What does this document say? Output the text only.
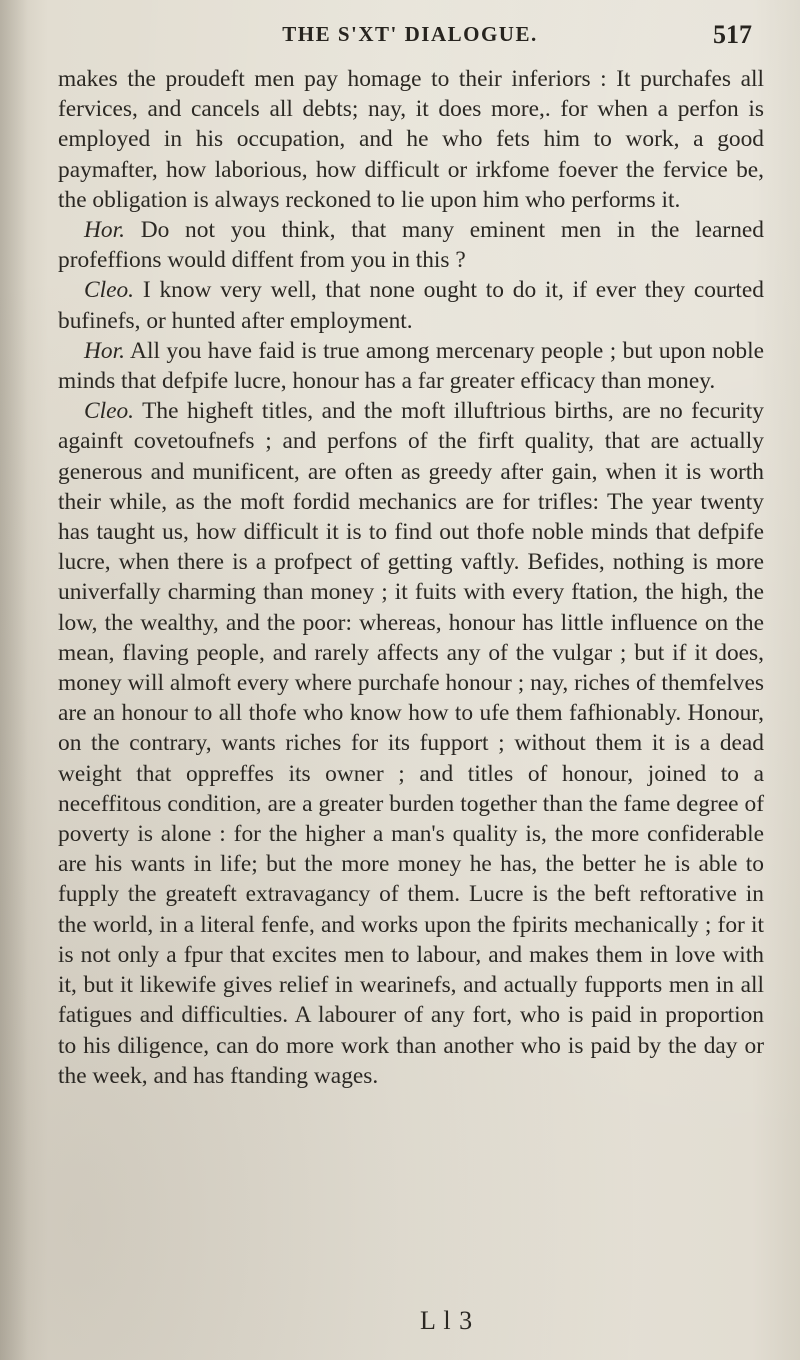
THE S'XT' DIALOGUE.	517

makes the proudeft men pay homage to their inferiors : It purchafes all fervices, and cancels all debts; nay, it does more,. for when a perfon is employed in his occupation, and he who fets him to work, a good paymafter, how laborious, how difficult or irkfome foever the fervice be, the obligation is always reckoned to lie upon him who performs it.

Hor. Do not you think, that many eminent men in the learned profeffions would diffent from you in this ?

Cleo. I know very well, that none ought to do it, if ever they courted bufinefs, or hunted after employment.

Hor. All you have faid is true among mercenary people ; but upon noble minds that defpife lucre, honour has a far greater efficacy than money.

Cleo. The higheft titles, and the moft illuftrious births, are no fecurity againft covetoufnefs ; and perfons of the firft quality, that are actually generous and munificent, are often as greedy after gain, when it is worth their while, as the moft fordid mechanics are for trifles: The year twenty has taught us, how difficult it is to find out thofe noble minds that defpife lucre, when there is a profpect of getting vaftly. Befides, nothing is more univerfally charming than money ; it fuits with every ftation, the high, the low, the wealthy, and the poor: whereas, honour has little influence on the mean, flaving people, and rarely affects any of the vulgar ; but if it does, money will almoft every where purchafe honour ; nay, riches of themfelves are an honour to all thofe who know how to ufe them fafhionably. Honour, on the contrary, wants riches for its fupport ; without them it is a dead weight that oppreffes its owner ; and titles of honour, joined to a neceffitous condition, are a greater burden together than the fame degree of poverty is alone : for the higher a man's quality is, the more confiderable are his wants in life; but the more money he has, the better he is able to fupply the greateft extravagancy of them. Lucre is the beft reftorative in the world, in a literal fenfe, and works upon the fpirits mechanically ; for it is not only a fpur that excites men to labour, and makes them in love with it, but it likewife gives relief in wearinefs, and actually fupports men in all fatigues and difficulties. A labourer of any fort, who is paid in proportion to his diligence, can do more work than another who is paid by the day or the week, and has ftanding wages.

L l 3
